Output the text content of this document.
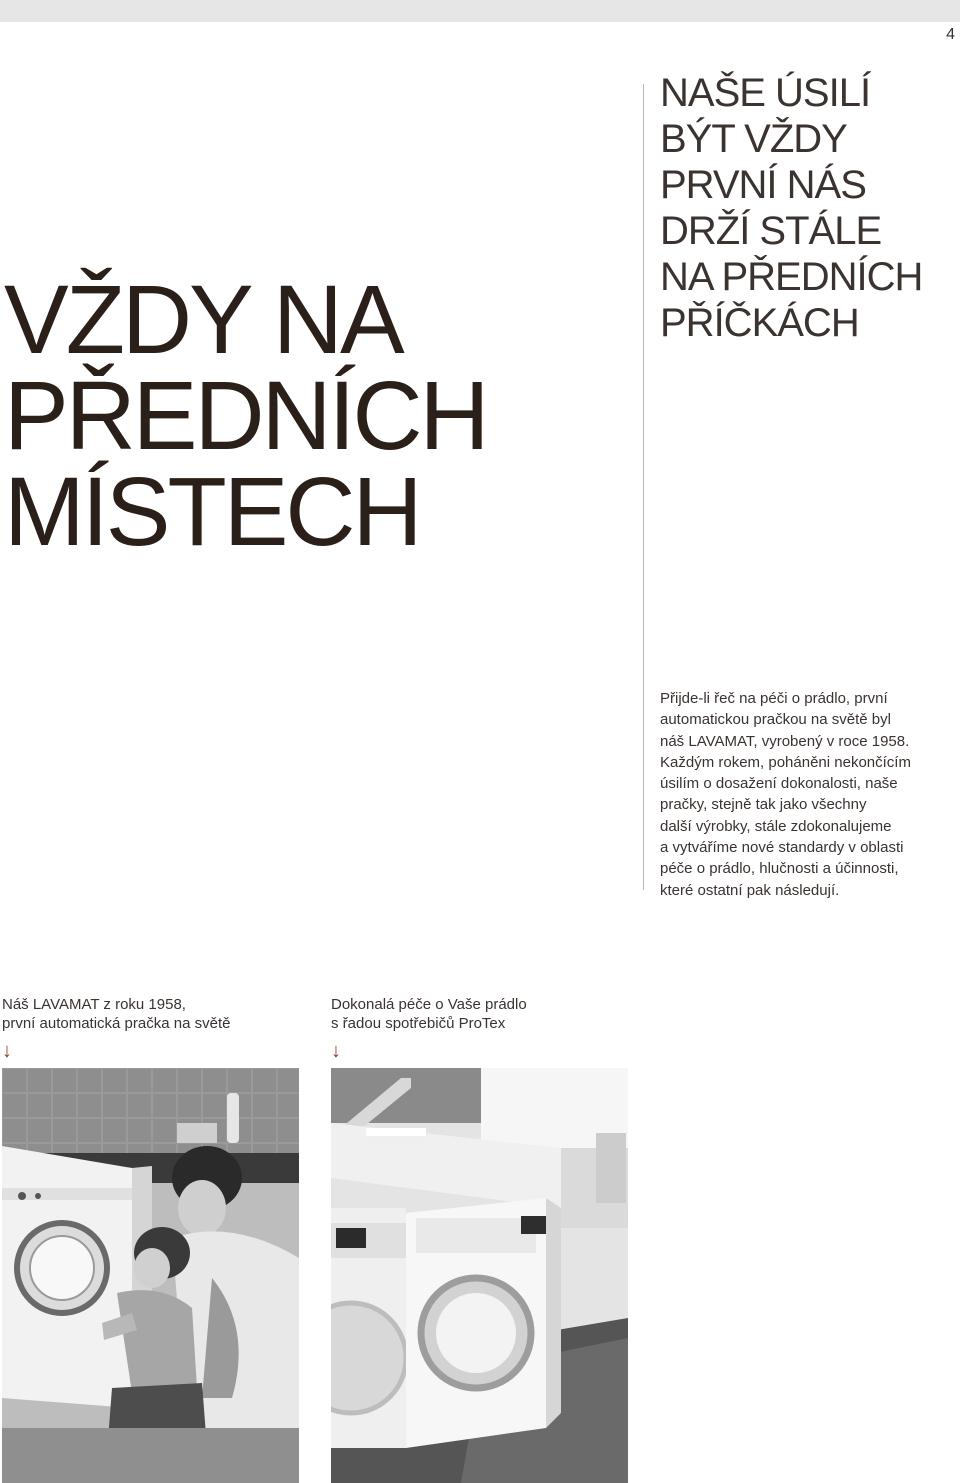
4
VŽDY NA
PŘEDNÍCH
MÍSTECH
NAŠE ÚSILÍ
BÝT VŽDY
PRVNÍ NÁS
DRŽÍ STÁLE
NA PŘEDNÍCH
PŘÍČKÁCH

Přijde-li řeč na péči o prádlo, první
automatickou pračkou na světě byl
náš LAVAMAT, vyrobený v roce 1958.
Každým rokem, poháněni nekončícím
úsilím o dosažení dokonalosti, naše
pračky, stejně tak jako všechny
další výrobky, stále zdokonalujeme
a vytváříme nové standardy v oblasti
péče o prádlo, hlučnosti a účinnosti,
které ostatní pak následují.

Náš LAVAMAT z roku 1958,

první automatická pračka na světě

↓

Dokonalá péče o Vaše prádlo

s řadou spotřebičů ProTex

↓
